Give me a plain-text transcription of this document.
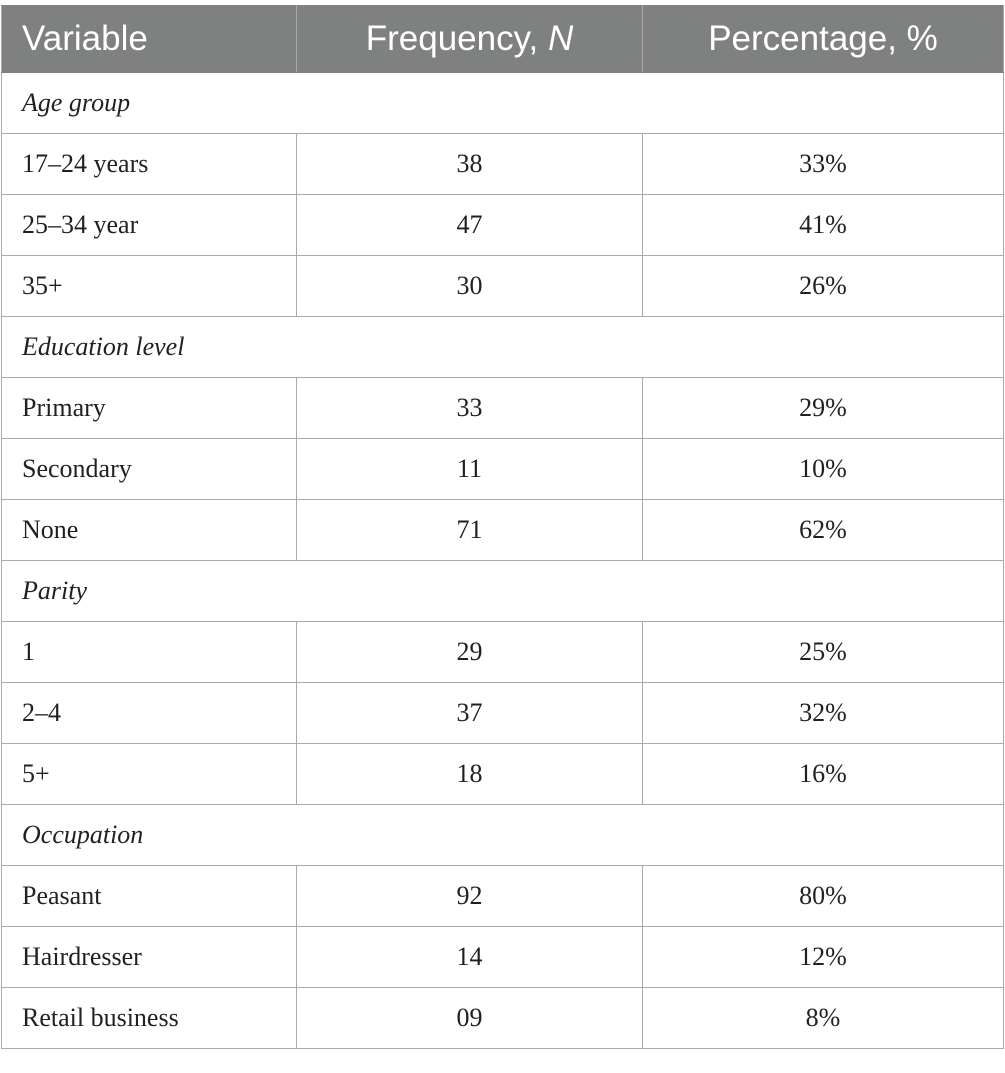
Variable	Frequency, N	Percentage, %
Age group		
17–24 years	38	33%
25–34 year	47	41%
35+	30	26%
Education level		
Primary	33	29%
Secondary	11	10%
None	71	62%
Parity		
1	29	25%
2–4	37	32%
5+	18	16%
Occupation		
Peasant	92	80%
Hairdresser	14	12%
Retail business	09	8%
